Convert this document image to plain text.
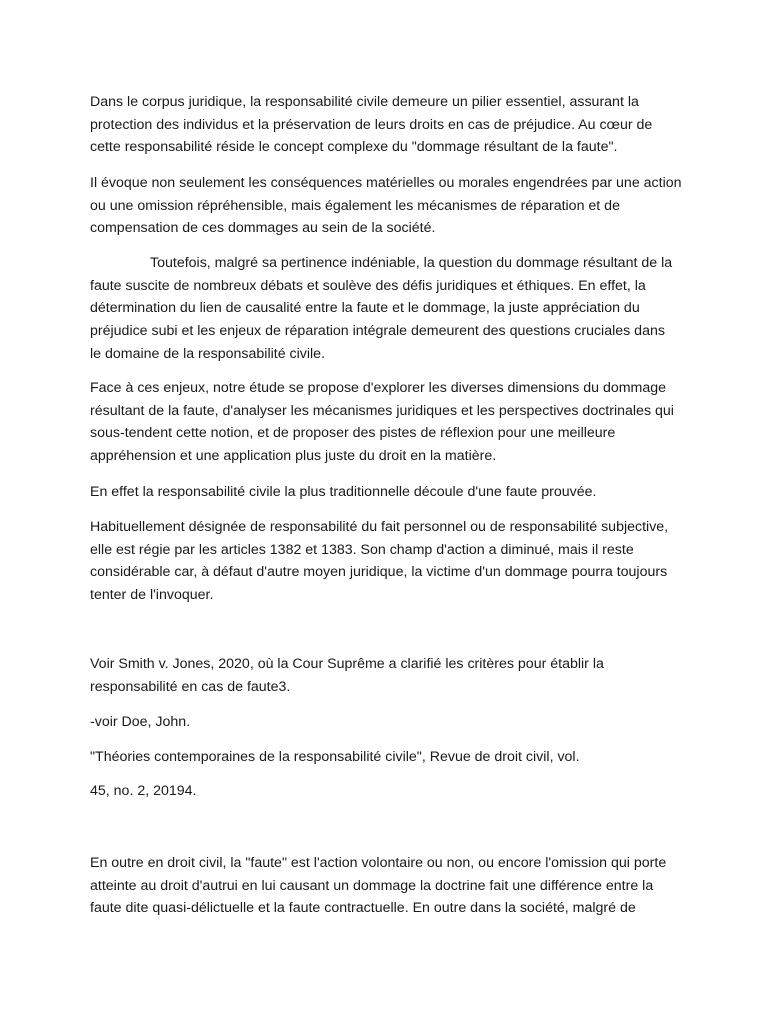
Dans le corpus juridique, la responsabilité civile demeure un pilier essentiel, assurant la

protection des individus et la préservation de leurs droits en cas de préjudice. Au cœur de

cette responsabilité réside le concept complexe du "dommage résultant de la faute".

Il évoque non seulement les conséquences matérielles ou morales engendrées par une action

ou une omission répréhensible, mais également les mécanismes de réparation et de

compensation de ces dommages au sein de la société.

Toutefois, malgré sa pertinence indéniable, la question du dommage résultant de la

faute suscite de nombreux débats et soulève des défis juridiques et éthiques. En effet, la

détermination du lien de causalité entre la faute et le dommage, la juste appréciation du

préjudice subi et les enjeux de réparation intégrale demeurent des questions cruciales dans

le domaine de la responsabilité civile.

Face à ces enjeux, notre étude se propose d'explorer les diverses dimensions du dommage

résultant de la faute, d'analyser les mécanismes juridiques et les perspectives doctrinales qui

sous-tendent cette notion, et de proposer des pistes de réflexion pour une meilleure

appréhension et une application plus juste du droit en la matière.

En effet la responsabilité civile la plus traditionnelle découle d'une faute prouvée.

Habituellement désignée de responsabilité du fait personnel ou de responsabilité subjective,

elle est régie par les articles 1382 et 1383. Son champ d'action a diminué, mais il reste

considérable car, à défaut d'autre moyen juridique, la victime d'un dommage pourra toujours

tenter de l'invoquer.

Voir Smith v. Jones, 2020, où la Cour Suprême a clarifié les critères pour établir la

responsabilité en cas de faute3.

-voir Doe, John.

"Théories contemporaines de la responsabilité civile", Revue de droit civil, vol.

45, no. 2, 20194.

En outre en droit civil, la "faute" est l'action volontaire ou non, ou encore l'omission qui porte

atteinte au droit d'autrui en lui causant un dommage la doctrine fait une différence entre la

faute dite quasi-délictuelle et la faute contractuelle. En outre dans la société, malgré de
